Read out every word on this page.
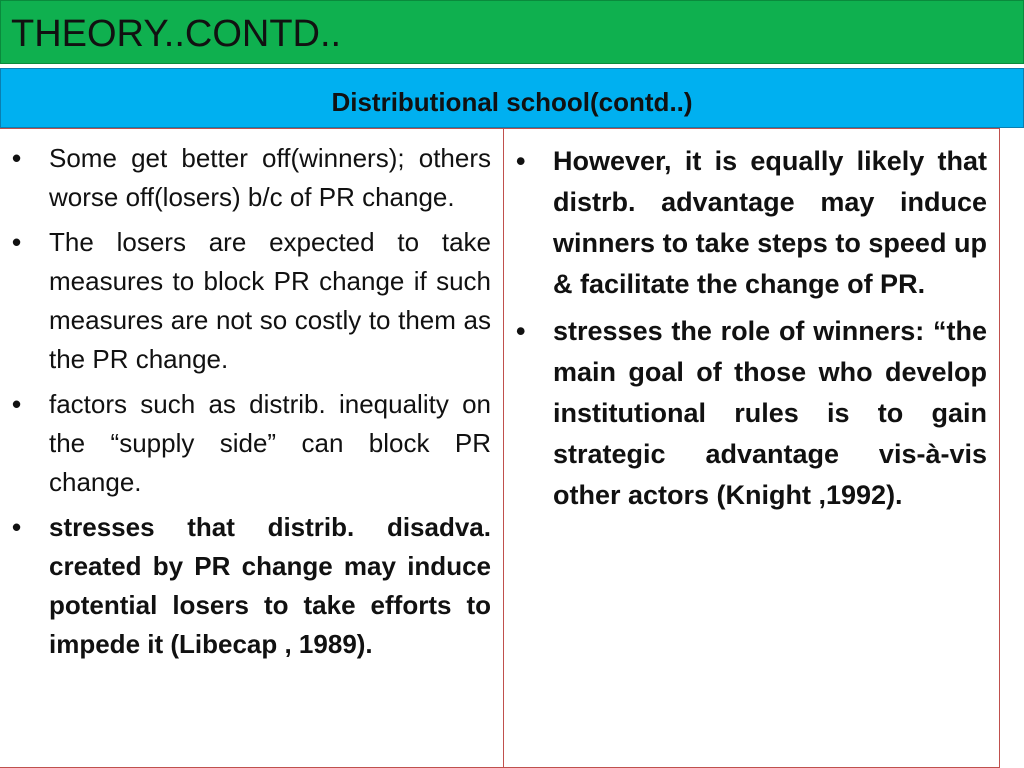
THEORY..CONTD..
Distributional school(contd..)
• Some get better off(winners); others worse off(losers) b/c of PR change.
• The losers are expected to take measures to block PR change if such measures are not so costly to them as the PR change.
• factors such as distrib. inequality on the “supply side” can block PR change.
• stresses that distrib. disadva. created by PR change may induce potential losers to take efforts to impede it (Libecap , 1989).
• However, it is equally likely that distrb. advantage may induce winners to take steps to speed up & facilitate the change of PR.
• stresses the role of winners: “the main goal of those who develop institutional rules is to gain strategic advantage vis-à-vis other actors (Knight ,1992).
